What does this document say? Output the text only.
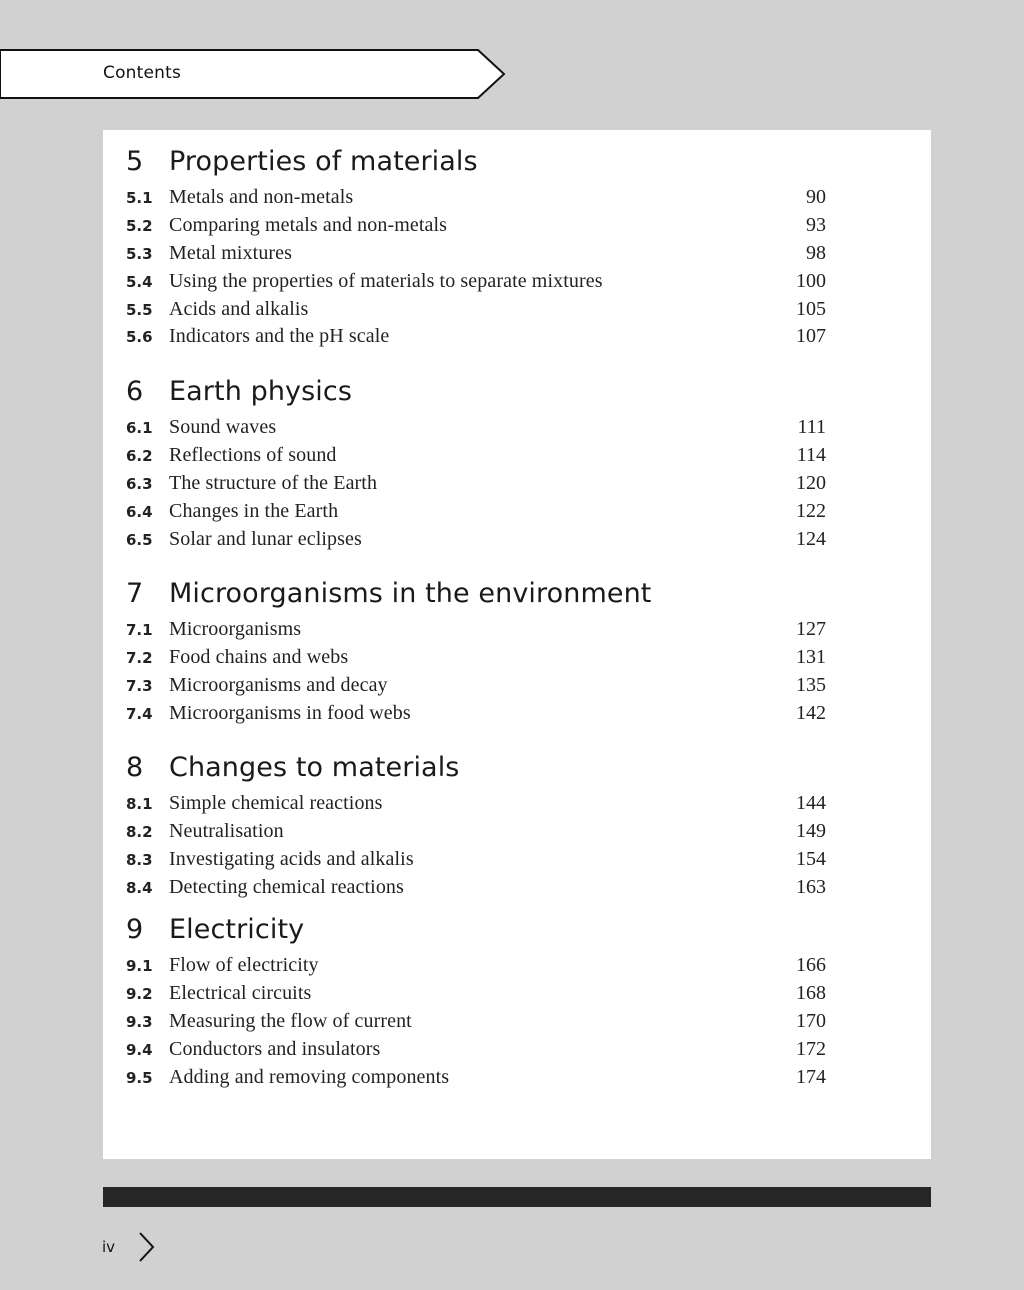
Contents
5 Properties of materials
5.1 Metals and non-metals	90
5.2 Comparing metals and non-metals	93
5.3 Metal mixtures	98
5.4 Using the properties of materials to separate mixtures	100
5.5 Acids and alkalis	105
5.6 Indicators and the pH scale	107
6 Earth physics
6.1 Sound waves	111
6.2 Reflections of sound	114
6.3 The structure of the Earth	120
6.4 Changes in the Earth	122
6.5 Solar and lunar eclipses	124
7 Microorganisms in the environment
7.1 Microorganisms	127
7.2 Food chains and webs	131
7.3 Microorganisms and decay	135
7.4 Microorganisms in food webs	142
8 Changes to materials
8.1 Simple chemical reactions	144
8.2 Neutralisation	149
8.3 Investigating acids and alkalis	154
8.4 Detecting chemical reactions	163
9 Electricity
9.1 Flow of electricity	166
9.2 Electrical circuits	168
9.3 Measuring the flow of current	170
9.4 Conductors and insulators	172
9.5 Adding and removing components	174
iv
